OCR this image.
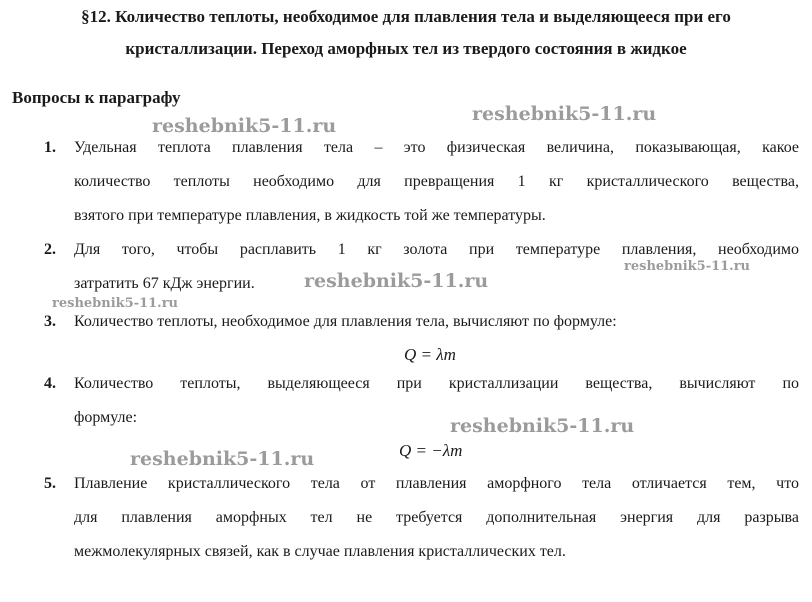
§12. Количество теплоты, необходимое для плавления тела и выделяющееся при его
кристаллизации. Переход аморфных тел из твердого состояния в жидкое
Вопросы к параграфу
1.	Удельная теплота плавления тела – это физическая величина, показывающая, какое
количество теплоты необходимо для превращения 1 кг кристаллического вещества,
взятого при температуре плавления, в жидкость той же температуры.
2.	Для того, чтобы расплавить 1 кг золота при температуре плавления, необходимо
затратить 67 кДж энергии.
3.	Количество теплоты, необходимое для плавления тела, вычисляют по формуле:
Q = λm
4.	Количество теплоты, выделяющееся при кристаллизации вещества, вычисляют по
формуле:
Q = −λm
5.	Плавление кристаллического тела от плавления аморфного тела отличается тем, что
для плавления аморфных тел не требуется дополнительная энергия для разрыва
межмолекулярных связей, как в случае плавления кристаллических тел.
reshebnik5-11.ru
reshebnik5-11.ru
reshebnik5-11.ru
reshebnik5-11.ru
reshebnik5-11.ru
reshebnik5-11.ru
reshebnik5-11.ru
